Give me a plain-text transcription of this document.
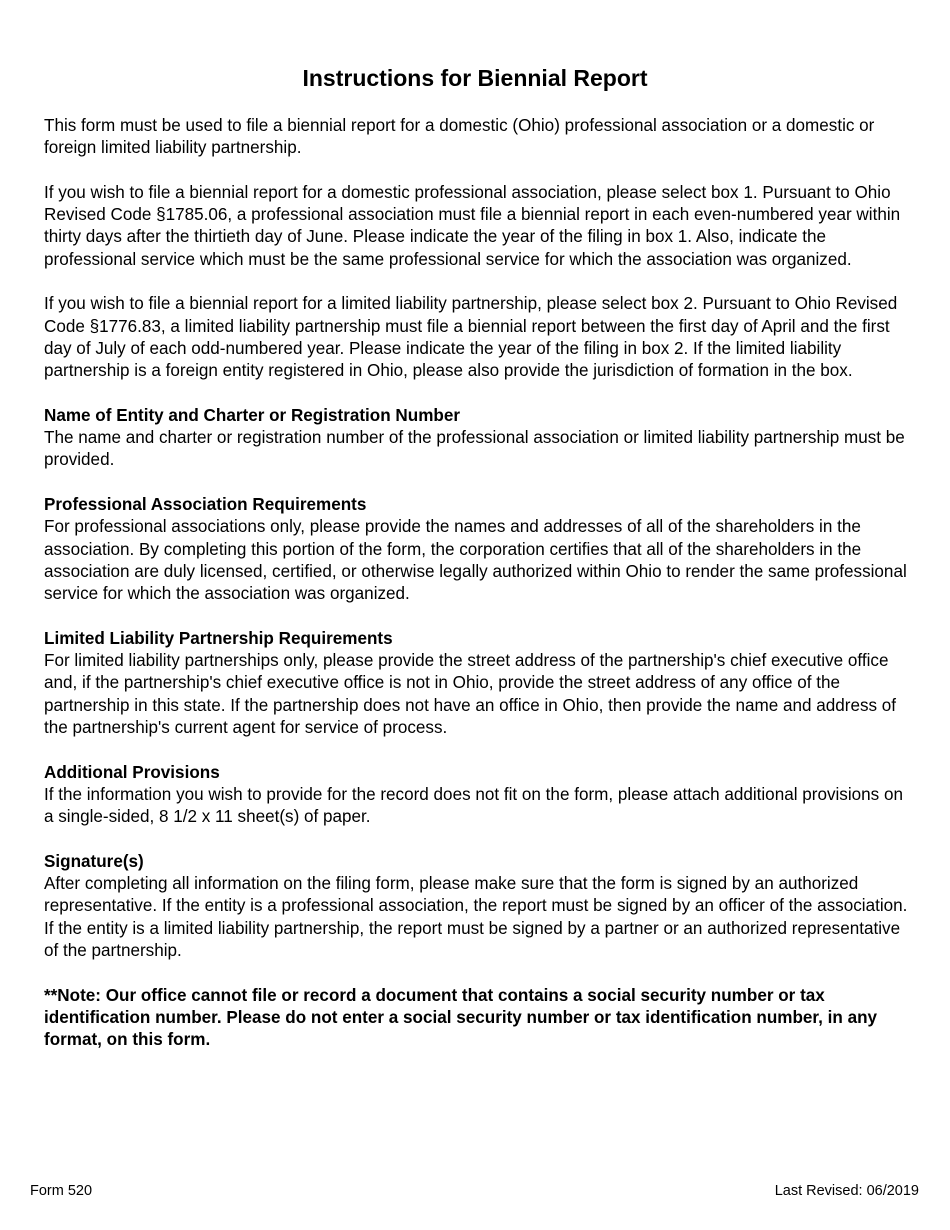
Instructions for Biennial Report

This form must be used to file a biennial report for a domestic (Ohio) professional association or a domestic or foreign limited liability partnership.

If you wish to file a biennial report for a domestic professional association, please select box 1. Pursuant to Ohio Revised Code §1785.06, a professional association must file a biennial report in each even-numbered year within thirty days after the thirtieth day of June. Please indicate the year of the filing in box 1. Also, indicate the professional service which must be the same professional service for which the association was organized.

If you wish to file a biennial report for a limited liability partnership, please select box 2. Pursuant to Ohio Revised Code §1776.83, a limited liability partnership must file a biennial report between the first day of April and the first day of July of each odd-numbered year. Please indicate the year of the filing in box 2. If the limited liability partnership is a foreign entity registered in Ohio, please also provide the jurisdiction of formation in the box.

Name of Entity and Charter or Registration Number
The name and charter or registration number of the professional association or limited liability partnership must be provided.

Professional Association Requirements
For professional associations only, please provide the names and addresses of all of the shareholders in the association. By completing this portion of the form, the corporation certifies that all of the shareholders in the association are duly licensed, certified, or otherwise legally authorized within Ohio to render the same professional service for which the association was organized.

Limited Liability Partnership Requirements
For limited liability partnerships only, please provide the street address of the partnership's chief executive office and, if the partnership's chief executive office is not in Ohio, provide the street address of any office of the partnership in this state. If the partnership does not have an office in Ohio, then provide the name and address of the partnership's current agent for service of process.

Additional Provisions
If the information you wish to provide for the record does not fit on the form, please attach additional provisions on a single-sided, 8 1/2 x 11 sheet(s) of paper.

Signature(s)
After completing all information on the filing form, please make sure that the form is signed by an authorized representative. If the entity is a professional association, the report must be signed by an officer of the association. If the entity is a limited liability partnership, the report must be signed by a partner or an authorized representative of the partnership.

**Note: Our office cannot file or record a document that contains a social security number or tax identification number. Please do not enter a social security number or tax identification number, in any format, on this form.

Form 520	Last Revised: 06/2019
